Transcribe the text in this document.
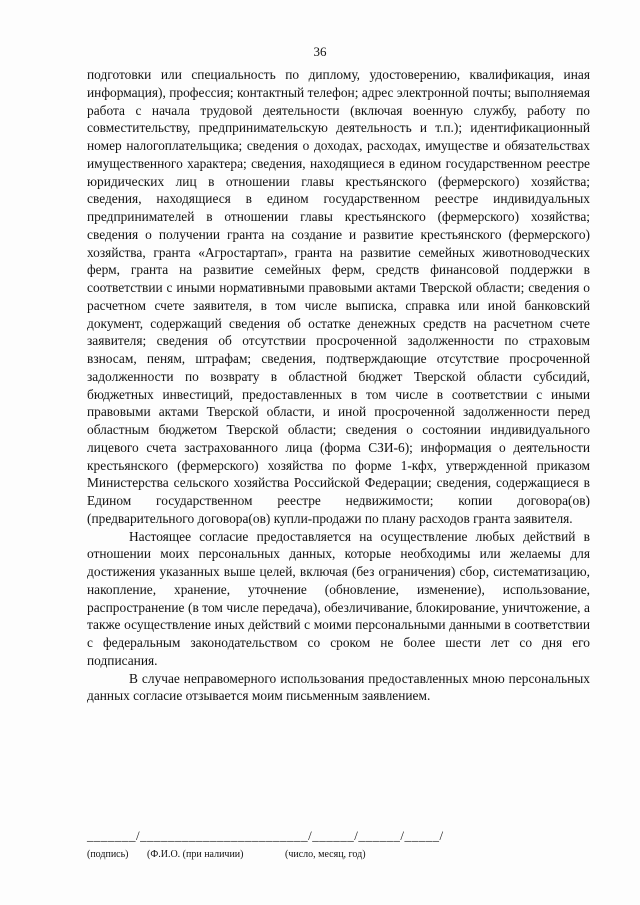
36

подготовки или специальность по диплому, удостоверению, квалификация, иная информация), профессия; контактный телефон; адрес электронной почты; выполняемая работа с начала трудовой деятельности (включая военную службу, работу по совместительству, предпринимательскую деятельность и т.п.); идентификационный номер налогоплательщика; сведения о доходах, расходах, имуществе и обязательствах имущественного характера; сведения, находящиеся в едином государственном реестре юридических лиц в отношении главы крестьянского (фермерского) хозяйства; сведения, находящиеся в едином государственном реестре индивидуальных предпринимателей в отношении главы крестьянского (фермерского) хозяйства; сведения о получении гранта на создание и развитие крестьянского (фермерского) хозяйства, гранта «Агростартап», гранта на развитие семейных животноводческих ферм, гранта на развитие семейных ферм, средств финансовой поддержки в соответствии с иными нормативными правовыми актами Тверской области; сведения о расчетном счете заявителя, в том числе выписка, справка или иной банковский документ, содержащий сведения об остатке денежных средств на расчетном счете заявителя; сведения об отсутствии просроченной задолженности по страховым взносам, пеням, штрафам; сведения, подтверждающие отсутствие просроченной задолженности по возврату в областной бюджет Тверской области субсидий, бюджетных инвестиций, предоставленных в том числе в соответствии с иными правовыми актами Тверской области, и иной просроченной задолженности перед областным бюджетом Тверской области; сведения о состоянии индивидуального лицевого счета застрахованного лица (форма СЗИ-6); информация о деятельности крестьянского (фермерского) хозяйства по форме 1-кфх, утвержденной приказом Министерства сельского хозяйства Российской Федерации; сведения, содержащиеся в Едином государственном реестре недвижимости; копии договора(ов) (предварительного договора(ов) купли-продажи по плану расходов гранта заявителя.

Настоящее согласие предоставляется на осуществление любых действий в отношении моих персональных данных, которые необходимы или желаемы для достижения указанных выше целей, включая (без ограничения) сбор, систематизацию, накопление, хранение, уточнение (обновление, изменение), использование, распространение (в том числе передача), обезличивание, блокирование, уничтожение, а также осуществление иных действий с моими персональными данными в соответствии с федеральным законодательством со сроком не более шести лет со дня его подписания.

В случае неправомерного использования предоставленных мною персональных данных согласие отзывается моим письменным заявлением.

_______/________________________/______/______/_____/
(подпись) (Ф.И.О. (при наличии)	(число, месяц, год)
